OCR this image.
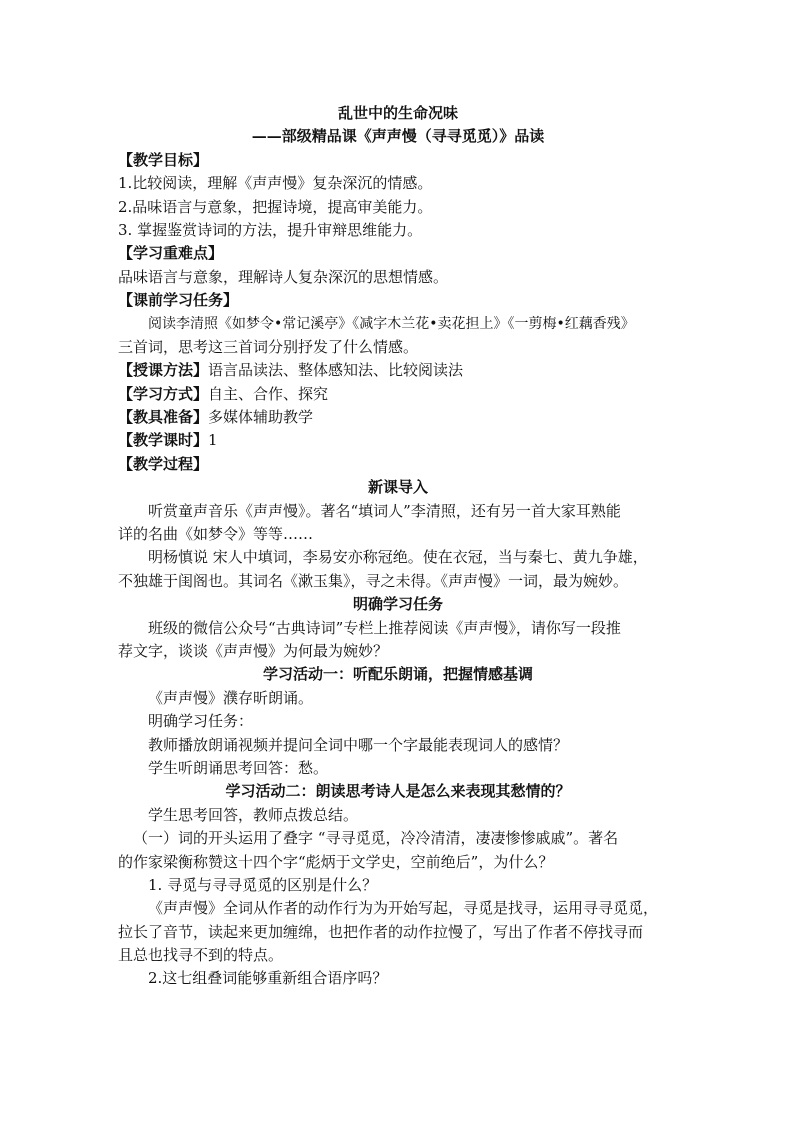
乱世中的生命况味
——部级精品课《声声慢（寻寻觅觅）》品读
【教学目标】
1.比较阅读，理解《声声慢》复杂深沉的情感。
2.品味语言与意象，把握诗境，提高审美能力。
3. 掌握鉴赏诗词的方法，提升审辩思维能力。
【学习重难点】
品味语言与意象，理解诗人复杂深沉的思想情感。
【课前学习任务】
阅读李清照《如梦令•常记溪亭》《减字木兰花•卖花担上》《一剪梅•红藕香残》
三首词，思考这三首词分别抒发了什么情感。
【授课方法】语言品读法、整体感知法、比较阅读法
【学习方式】自主、合作、探究
【教具准备】多媒体辅助教学
【教学课时】1
【教学过程】
新课导入
听赏童声音乐《声声慢》。著名“填词人”李清照，还有另一首大家耳熟能
详的名曲《如梦令》等等……
明杨慎说 宋人中填词，李易安亦称冠绝。使在衣冠，当与秦七、黄九争雄，
不独雄于闺阁也。其词名《漱玉集》，寻之未得。《声声慢》一词，最为婉妙。
明确学习任务
班级的微信公众号“古典诗词”专栏上推荐阅读《声声慢》，请你写一段推
荐文字，谈谈《声声慢》为何最为婉妙？
学习活动一：听配乐朗诵，把握情感基调
《声声慢》濮存昕朗诵。
明确学习任务：
教师播放朗诵视频并提问全词中哪一个字最能表现词人的感情？
学生听朗诵思考回答：愁。
学习活动二：朗读思考诗人是怎么来表现其愁情的？
学生思考回答，教师点拨总结。
（一）词的开头运用了叠字 “寻寻觅觅，冷冷清清，凄凄惨惨戚戚”。著名
的作家梁衡称赞这十四个字“彪炳于文学史，空前绝后”，为什么？
1. 寻觅与寻寻觅觅的区别是什么？
《声声慢》全词从作者的动作行为为开始写起，寻觅是找寻，运用寻寻觅觅，
拉长了音节，读起来更加缠绵，也把作者的动作拉慢了，写出了作者不停找寻而
且总也找寻不到的特点。
2.这七组叠词能够重新组合语序吗？
